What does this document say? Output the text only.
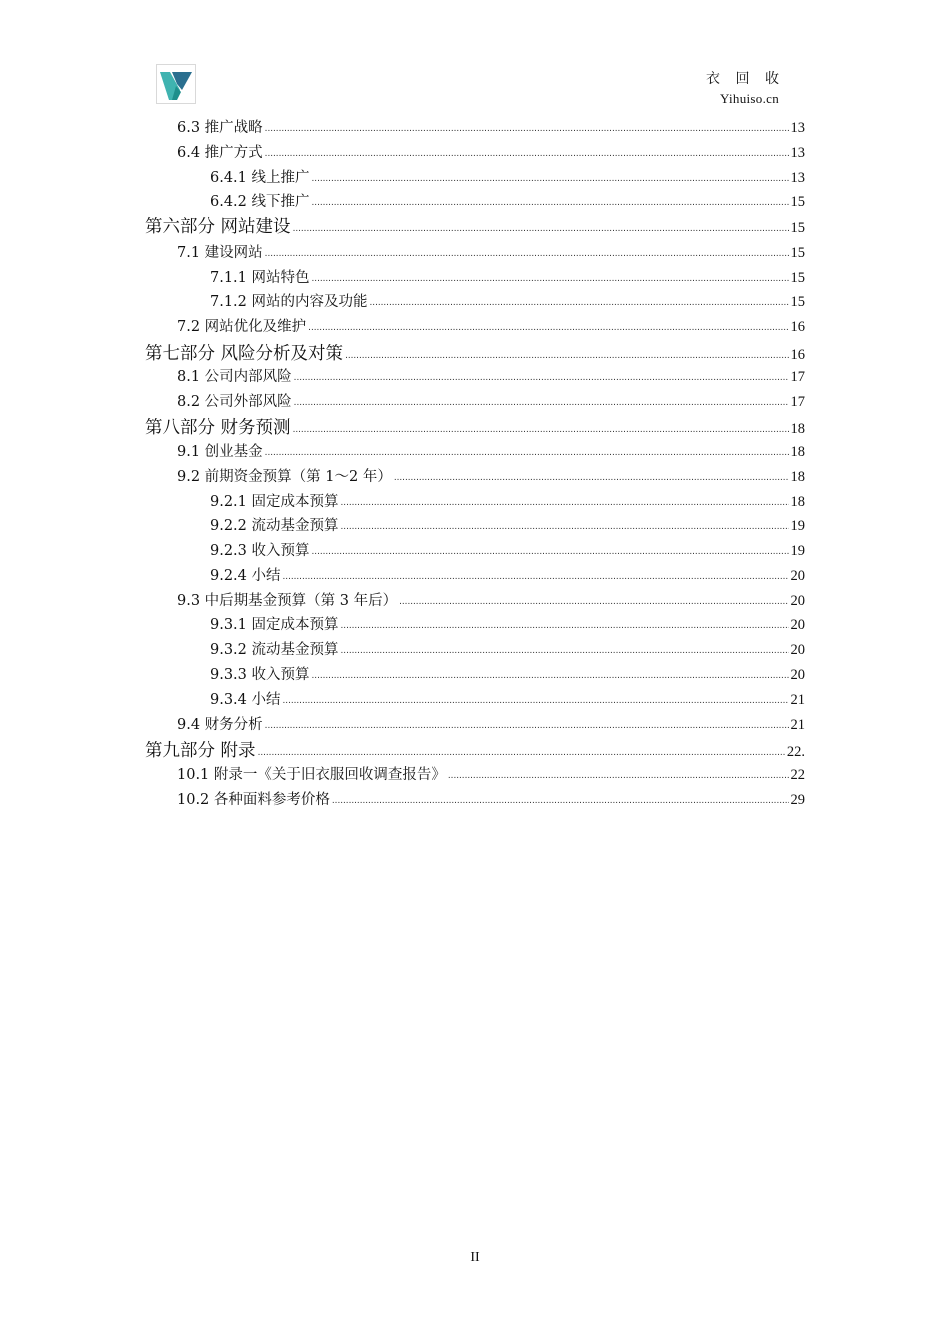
衣 回 收
Yihuiso.cn
6.3 推广战略 .....	13
6.4 推广方式 .....	13
6.4.1 线上推广 .....	13
6.4.2 线下推广 .....	15
第六部分 网站建设 .....	15
7.1 建设网站 .....	15
7.1.1 网站特色 .....	15
7.1.2 网站的内容及功能 .....	15
7.2 网站优化及维护 .....	16
第七部分 风险分析及对策 .....	16
8.1 公司内部风险 .....	17
8.2 公司外部风险 .....	17
第八部分 财务预测 .....	18
9.1 创业基金 .....	18
9.2 前期资金预算（第 1～2 年） .....	18
9.2.1 固定成本预算 .....	18
9.2.2 流动基金预算 .....	19
9.2.3 收入预算 .....	19
9.2.4 小结 .....	20
9.3 中后期基金预算（第 3 年后） .....	20
9.3.1 固定成本预算 .....	20
9.3.2 流动基金预算 .....	20
9.3.3 收入预算 .....	20
9.3.4 小结 .....	21
9.4 财务分析 .....	21
第九部分 附录 .....	22.
10.1 附录一《关于旧衣服回收调查报告》 .....	22
10.2 各种面料参考价格 .....	29
II
